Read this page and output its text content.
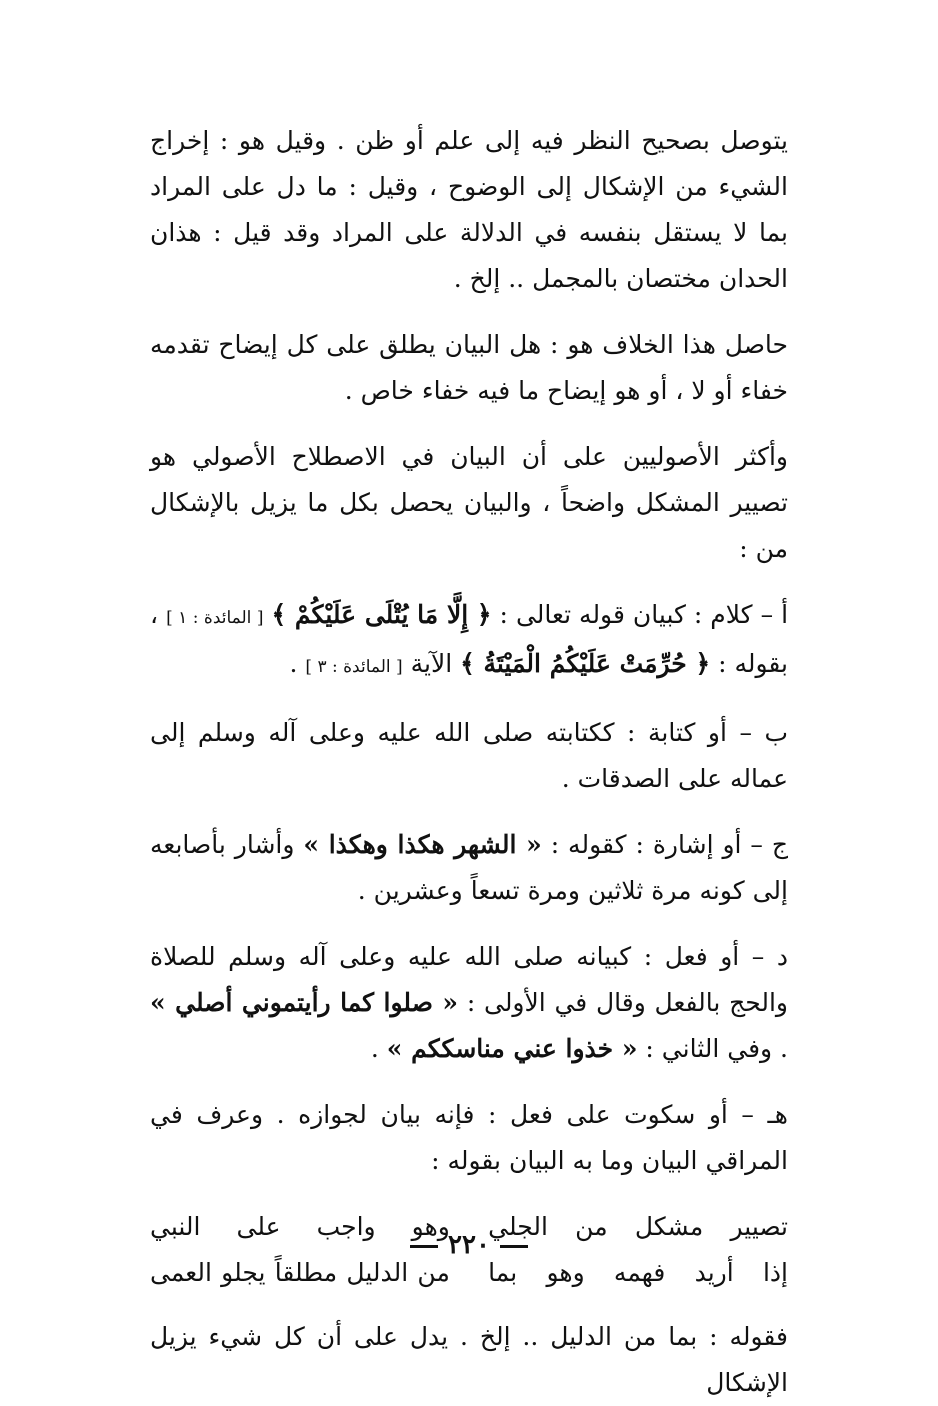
يتوصل بصحيح النظر فيه إلى علم أو ظن . وقيل هو : إخراج الشيء من الإشكال إلى الوضوح ، وقيل : ما دل على المراد بما لا يستقل بنفسه في الدلالة على المراد وقد قيل : هذان الحدان مختصان بالمجمل .. إلخ .

حاصل هذا الخلاف هو : هل البيان يطلق على كل إيضاح تقدمه خفاء أو لا ، أو هو إيضاح ما فيه خفاء خاص .

وأكثر الأصوليين على أن البيان في الاصطلاح الأصولي هو تصيير المشكل واضحاً ، والبيان يحصل بكل ما يزيل بالإشكال من :

أ – كلام : كبيان قوله تعالى : ﴿ إِلَّا مَا يُتْلَى عَلَيْكُمْ ﴾ [ المائدة : ١ ] ، بقوله : ﴿ حُرِّمَتْ عَلَيْكُمُ الْمَيْتَةُ ﴾ الآية [ المائدة : ٣ ] .

ب – أو كتابة : ككتابته صلى الله عليه وعلى آله وسلم إلى عماله على الصدقات .

ج – أو إشارة : كقوله : « الشهر هكذا وهكذا » وأشار بأصابعه إلى كونه مرة ثلاثين ومرة تسعاً وعشرين .

د – أو فعل : كبيانه صلى الله عليه وعلى آله وسلم للصلاة والحج بالفعل وقال في الأولى : « صلوا كما رأيتموني أصلي » . وفي الثاني : « خذوا عني مناسككم » .

هـ – أو سكوت على فعل : فإنه بيان لجوازه . وعرف في المراقي البيان وما به البيان بقوله :

تصيير مشكل من الجلي
وهو واجب على النبي
إذا أريد فهمه وهو بما
من الدليل مطلقاً يجلو العمى

فقوله : بما من الدليل .. إلخ . يدل على أن كل شيء يزيل الإشكال

٢٢٠
